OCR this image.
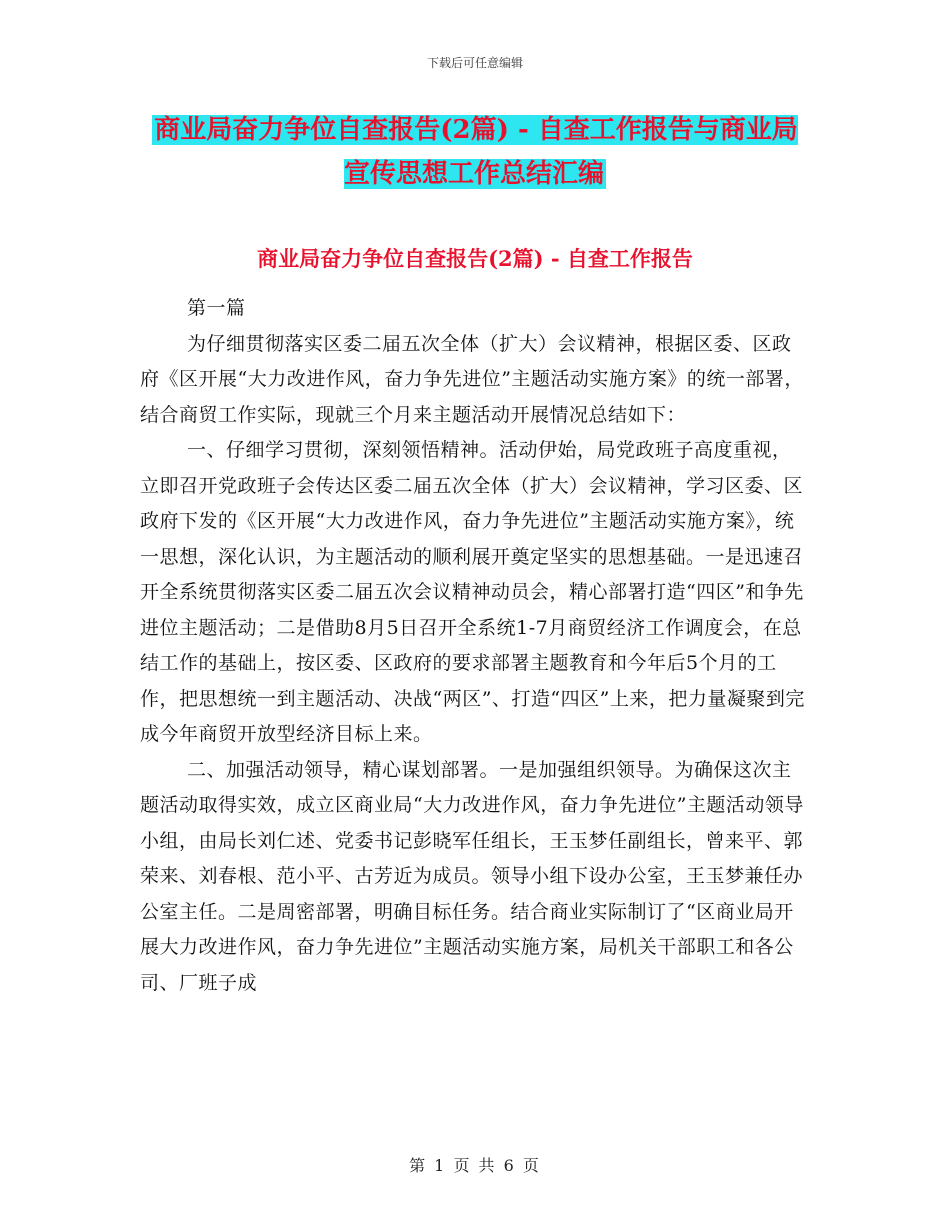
下载后可任意编辑
商业局奋力争位自查报告(2篇) - 自查工作报告与商业局宣传思想工作总结汇编
商业局奋力争位自查报告(2篇) - 自查工作报告

第一篇

为仔细贯彻落实区委二届五次全体（扩大）会议精神，根据区委、区政府《区开展“大力改进作风，奋力争先进位”主题活动实施方案》的统一部署，结合商贸工作实际，现就三个月来主题活动开展情况总结如下：

一、仔细学习贯彻，深刻领悟精神。活动伊始，局党政班子高度重视，立即召开党政班子会传达区委二届五次全体（扩大）会议精神，学习区委、区政府下发的《区开展“大力改进作风，奋力争先进位”主题活动实施方案》，统一思想，深化认识，为主题活动的顺利展开奠定坚实的思想基础。一是迅速召开全系统贯彻落实区委二届五次会议精神动员会，精心部署打造“四区”和争先进位主题活动；二是借助8月5日召开全系统1-7月商贸经济工作调度会，在总结工作的基础上，按区委、区政府的要求部署主题教育和今年后5个月的工作，把思想统一到主题活动、决战“两区”、打造“四区”上来，把力量凝聚到完成今年商贸开放型经济目标上来。

二、加强活动领导，精心谋划部署。一是加强组织领导。为确保这次主题活动取得实效，成立区商业局“大力改进作风，奋力争先进位”主题活动领导小组，由局长刘仁述、党委书记彭晓军任组长，王玉梦任副组长，曾来平、郭荣来、刘春根、范小平、古芳近为成员。领导小组下设办公室，王玉梦兼任办公室主任。二是周密部署，明确目标任务。结合商业实际制订了“区商业局开展大力改进作风，奋力争先进位”主题活动实施方案，局机关干部职工和各公司、厂班子成

第 1 页 共 6 页
